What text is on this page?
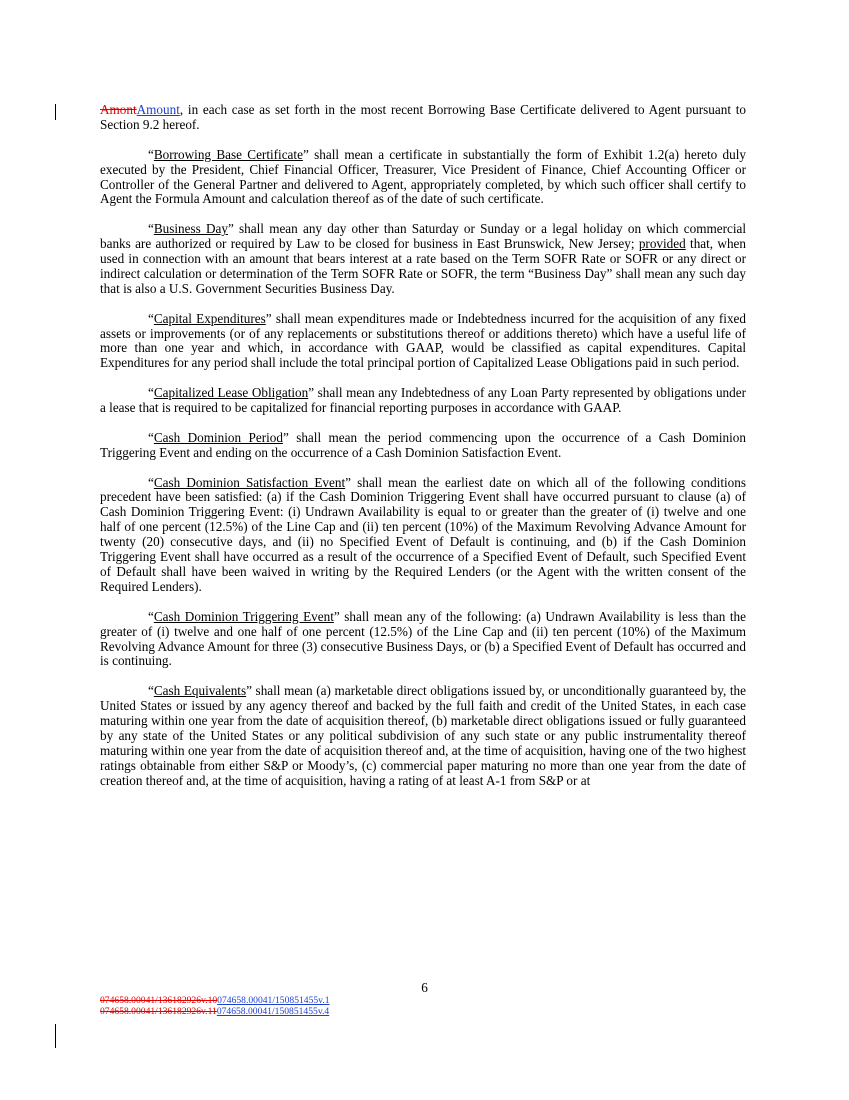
AmontAmount, in each case as set forth in the most recent Borrowing Base Certificate delivered to Agent pursuant to Section 9.2 hereof.

“Borrowing Base Certificate” shall mean a certificate in substantially the form of Exhibit 1.2(a) hereto duly executed by the President, Chief Financial Officer, Treasurer, Vice President of Finance, Chief Accounting Officer or Controller of the General Partner and delivered to Agent, appropriately completed, by which such officer shall certify to Agent the Formula Amount and calculation thereof as of the date of such certificate.

“Business Day” shall mean any day other than Saturday or Sunday or a legal holiday on which commercial banks are authorized or required by Law to be closed for business in East Brunswick, New Jersey; provided that, when used in connection with an amount that bears interest at a rate based on the Term SOFR Rate or SOFR or any direct or indirect calculation or determination of the Term SOFR Rate or SOFR, the term “Business Day” shall mean any such day that is also a U.S. Government Securities Business Day.

“Capital Expenditures” shall mean expenditures made or Indebtedness incurred for the acquisition of any fixed assets or improvements (or of any replacements or substitutions thereof or additions thereto) which have a useful life of more than one year and which, in accordance with GAAP, would be classified as capital expenditures. Capital Expenditures for any period shall include the total principal portion of Capitalized Lease Obligations paid in such period.

“Capitalized Lease Obligation” shall mean any Indebtedness of any Loan Party represented by obligations under a lease that is required to be capitalized for financial reporting purposes in accordance with GAAP.

“Cash Dominion Period” shall mean the period commencing upon the occurrence of a Cash Dominion Triggering Event and ending on the occurrence of a Cash Dominion Satisfaction Event.

“Cash Dominion Satisfaction Event” shall mean the earliest date on which all of the following conditions precedent have been satisfied: (a) if the Cash Dominion Triggering Event shall have occurred pursuant to clause (a) of Cash Dominion Triggering Event: (i) Undrawn Availability is equal to or greater than the greater of (i) twelve and one half of one percent (12.5%) of the Line Cap and (ii) ten percent (10%) of the Maximum Revolving Advance Amount for twenty (20) consecutive days, and (ii) no Specified Event of Default is continuing, and (b) if the Cash Dominion Triggering Event shall have occurred as a result of the occurrence of a Specified Event of Default, such Specified Event of Default shall have been waived in writing by the Required Lenders (or the Agent with the written consent of the Required Lenders).

“Cash Dominion Triggering Event” shall mean any of the following: (a) Undrawn Availability is less than the greater of (i) twelve and one half of one percent (12.5%) of the Line Cap and (ii) ten percent (10%) of the Maximum Revolving Advance Amount for three (3) consecutive Business Days, or (b) a Specified Event of Default has occurred and is continuing.

“Cash Equivalents” shall mean (a) marketable direct obligations issued by, or unconditionally guaranteed by, the United States or issued by any agency thereof and backed by the full faith and credit of the United States, in each case maturing within one year from the date of acquisition thereof, (b) marketable direct obligations issued or fully guaranteed by any state of the United States or any political subdivision of any such state or any public instrumentality thereof maturing within one year from the date of acquisition thereof and, at the time of acquisition, having one of the two highest ratings obtainable from either S&P or Moody’s, (c) commercial paper maturing no more than one year from the date of creation thereof and, at the time of acquisition, having a rating of at least A-1 from S&P or at

6
074658.00041/136182926v.10074658.00041/150851455v.1
074658.00041/136182926v.11074658.00041/150851455v.4
